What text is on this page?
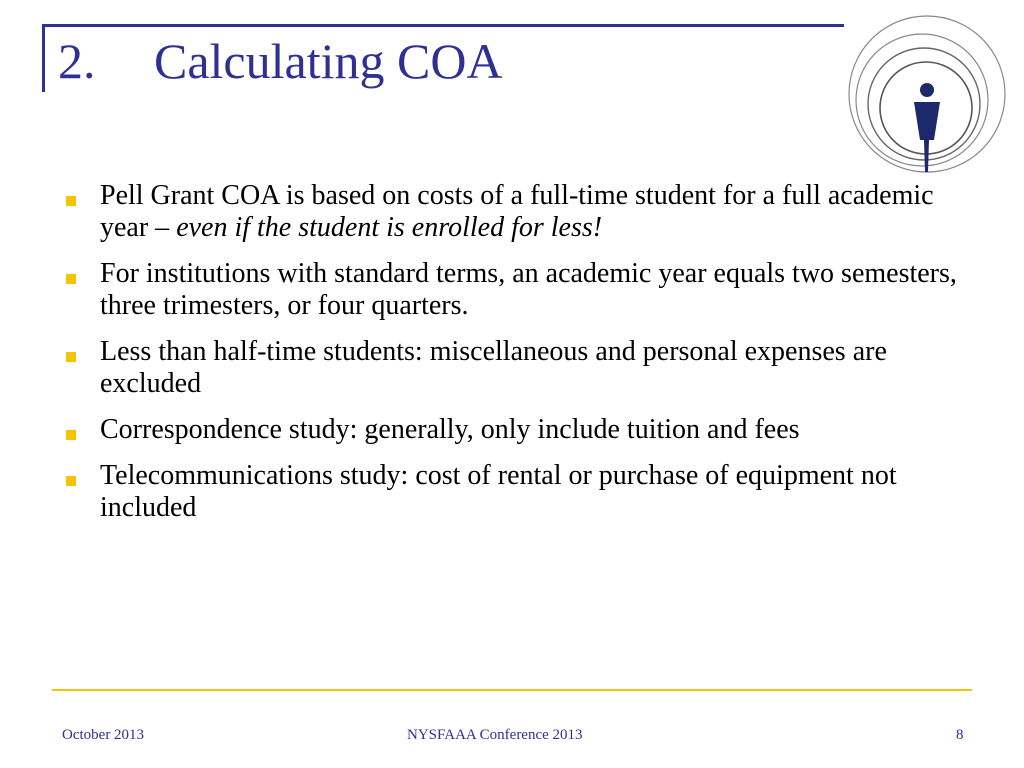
2. Calculating COA
Pell Grant COA is based on costs of a full-time student for a full academic year – even if the student is enrolled for less!
For institutions with standard terms, an academic year equals two semesters, three trimesters, or four quarters.
Less than half-time students: miscellaneous and personal expenses are excluded
Correspondence study: generally, only include tuition and fees
Telecommunications study: cost of rental or purchase of equipment not included
October 2013	NYSFAAA Conference 2013	8
